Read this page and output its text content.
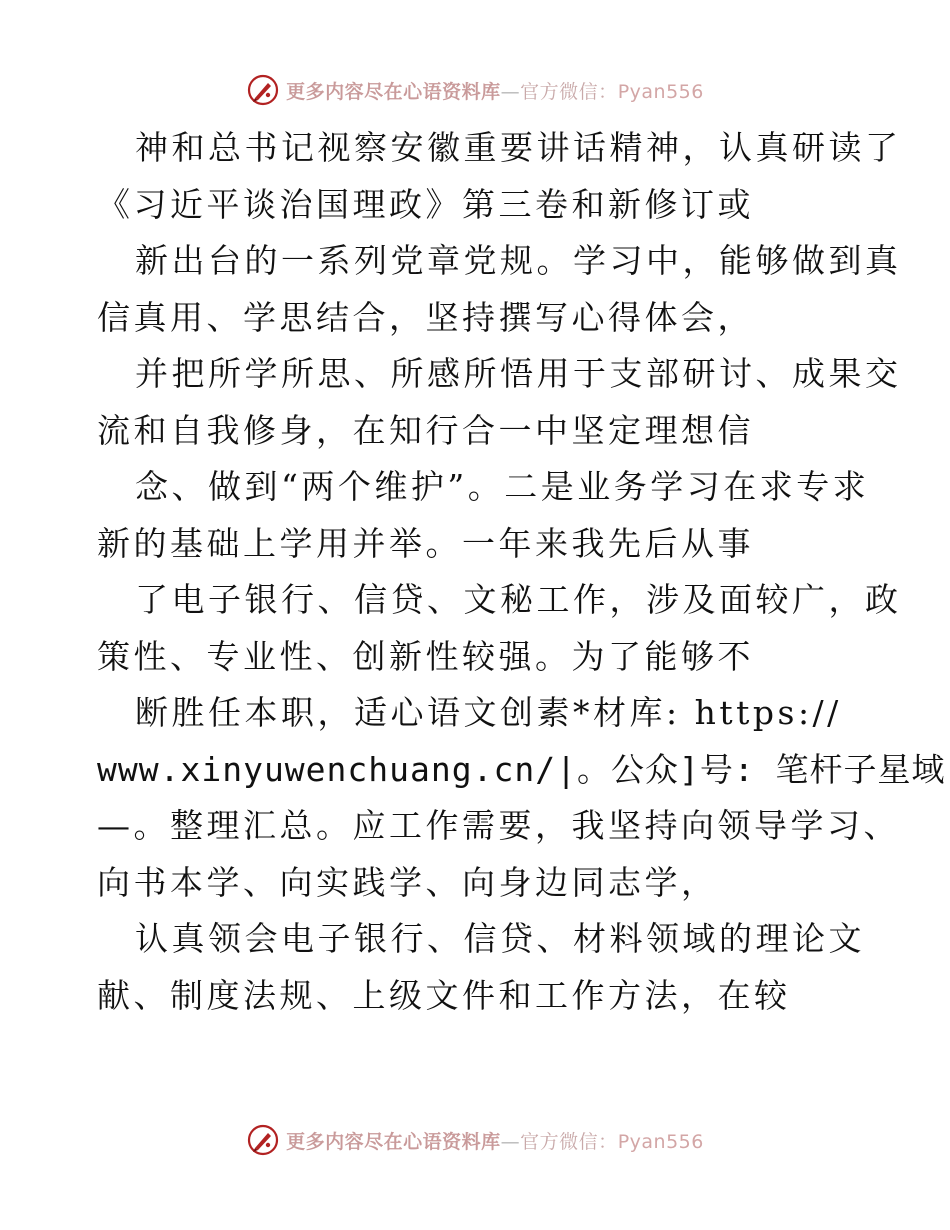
更多内容尽在心语资料库—官方微信：Pyan556
神和总书记视察安徽重要讲话精神，认真研读了
《习近平谈治国理政》第三卷和新修订或
新出台的一系列党章党规。学习中，能够做到真
信真用、学思结合，坚持撰写心得体会，
并把所学所思、所感所悟用于支部研讨、成果交
流和自我修身，在知行合一中坚定理想信
念、做到“两个维护”。二是业务学习在求专求
新的基础上学用并举。一年来我先后从事
了电子银行、信贷、文秘工作，涉及面较广，政
策性、专业性、创新性较强。为了能够不
断胜任本职，适心语文创素*材库: https://
www.xinyuwenchuang.cn/|。公众]号: 笔杆子星域
—。整理汇总。应工作需要，我坚持向领导学习、
向书本学、向实践学、向身边同志学，
认真领会电子银行、信贷、材料领域的理论文
献、制度法规、上级文件和工作方法，在较
更多内容尽在心语资料库—官方微信：Pyan556
